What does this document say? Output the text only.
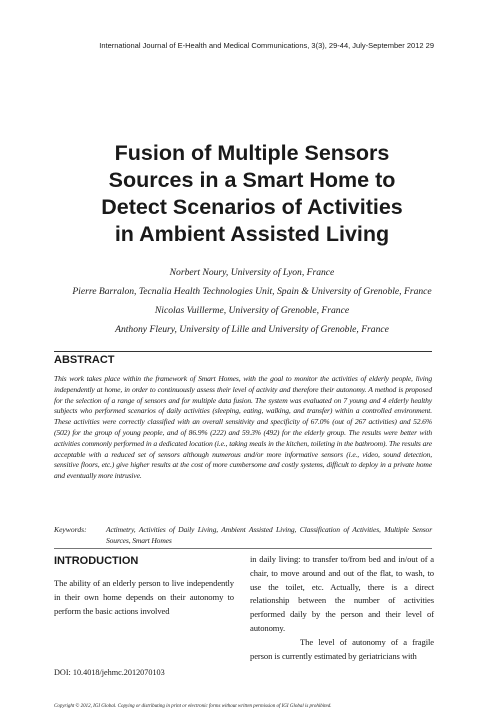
International Journal of E-Health and Medical Communications, 3(3), 29-44, July-September 2012 29
Fusion of Multiple Sensors
Sources in a Smart Home to
Detect Scenarios of Activities
in Ambient Assisted Living
Norbert Noury, University of Lyon, France
Pierre Barralon, Tecnalia Health Technologies Unit, Spain & University of Grenoble, France
Nicolas Vuillerme, University of Grenoble, France
Anthony Fleury, University of Lille and University of Grenoble, France
ABSTRACT
This work takes place within the framework of Smart Homes, with the goal to monitor the activities of elderly people, living independently at home, in order to continuously assess their level of activity and therefore their autonomy. A method is proposed for the selection of a range of sensors and for multiple data fusion. The system was evaluated on 7 young and 4 elderly healthy subjects who performed scenarios of daily activities (sleeping, eating, walking, and transfer) within a controlled environment. These activities were correctly classified with an overall sensitivity and specificity of 67.0% (out of 267 activities) and 52.6% (502) for the group of young people, and of 86.9% (222) and 59.3% (492) for the elderly group. The results were better with activities commonly performed in a dedicated location (i.e., taking meals in the kitchen, toileting in the bathroom). The results are acceptable with a reduced set of sensors although numerous and/or more informative sensors (i.e., video, sound detection, sensitive floors, etc.) give higher results at the cost of more cumbersome and costly systems, difficult to deploy in a private home and eventually more intrusive.
Keywords:	Actimetry, Activities of Daily Living, Ambient Assisted Living, Classification of Activities, Multiple Sensor Sources, Smart Homes
INTRODUCTION
The ability of an elderly person to live independently in their own home depends on their autonomy to perform the basic actions involved
in daily living: to transfer to/from bed and in/out of a chair, to move around and out of the flat, to wash, to use the toilet, etc. Actually, there is a direct relationship between the number of activities performed daily by the person and their level of autonomy.
The level of autonomy of a fragile person is currently estimated by geriatricians with
DOI: 10.4018/jehmc.2012070103
Copyright © 2012, IGI Global. Copying or distributing in print or electronic forms without written permission of IGI Global is prohibited.
